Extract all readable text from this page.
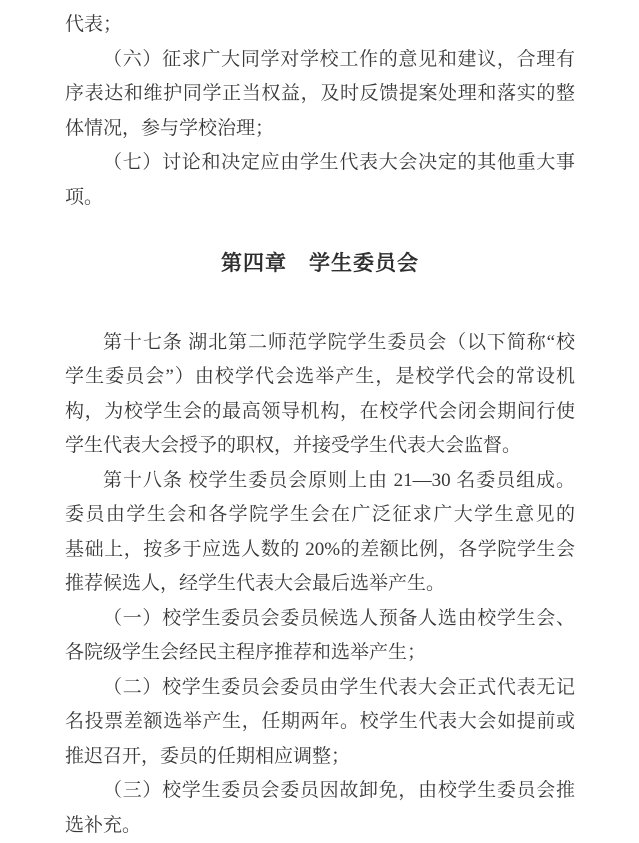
代表；
（六）征求广大同学对学校工作的意见和建议，合理有
序表达和维护同学正当权益，及时反馈提案处理和落实的整
体情况，参与学校治理；
（七）讨论和决定应由学生代表大会决定的其他重大事
项。
第四章　学生委员会
第十七条 湖北第二师范学院学生委员会（以下简称“校
学生委员会”）由校学代会选举产生，是校学代会的常设机
构，为校学生会的最高领导机构，在校学代会闭会期间行使
学生代表大会授予的职权，并接受学生代表大会监督。
第十八条 校学生委员会原则上由 21—30 名委员组成。
委员由学生会和各学院学生会在广泛征求广大学生意见的
基础上，按多于应选人数的 20%的差额比例，各学院学生会
推荐候选人，经学生代表大会最后选举产生。
（一）校学生委员会委员候选人预备人选由校学生会、
各院级学生会经民主程序推荐和选举产生；
（二）校学生委员会委员由学生代表大会正式代表无记
名投票差额选举产生，任期两年。校学生代表大会如提前或
推迟召开，委员的任期相应调整；
（三）校学生委员会委员因故卸免，由校学生委员会推
选补充。
